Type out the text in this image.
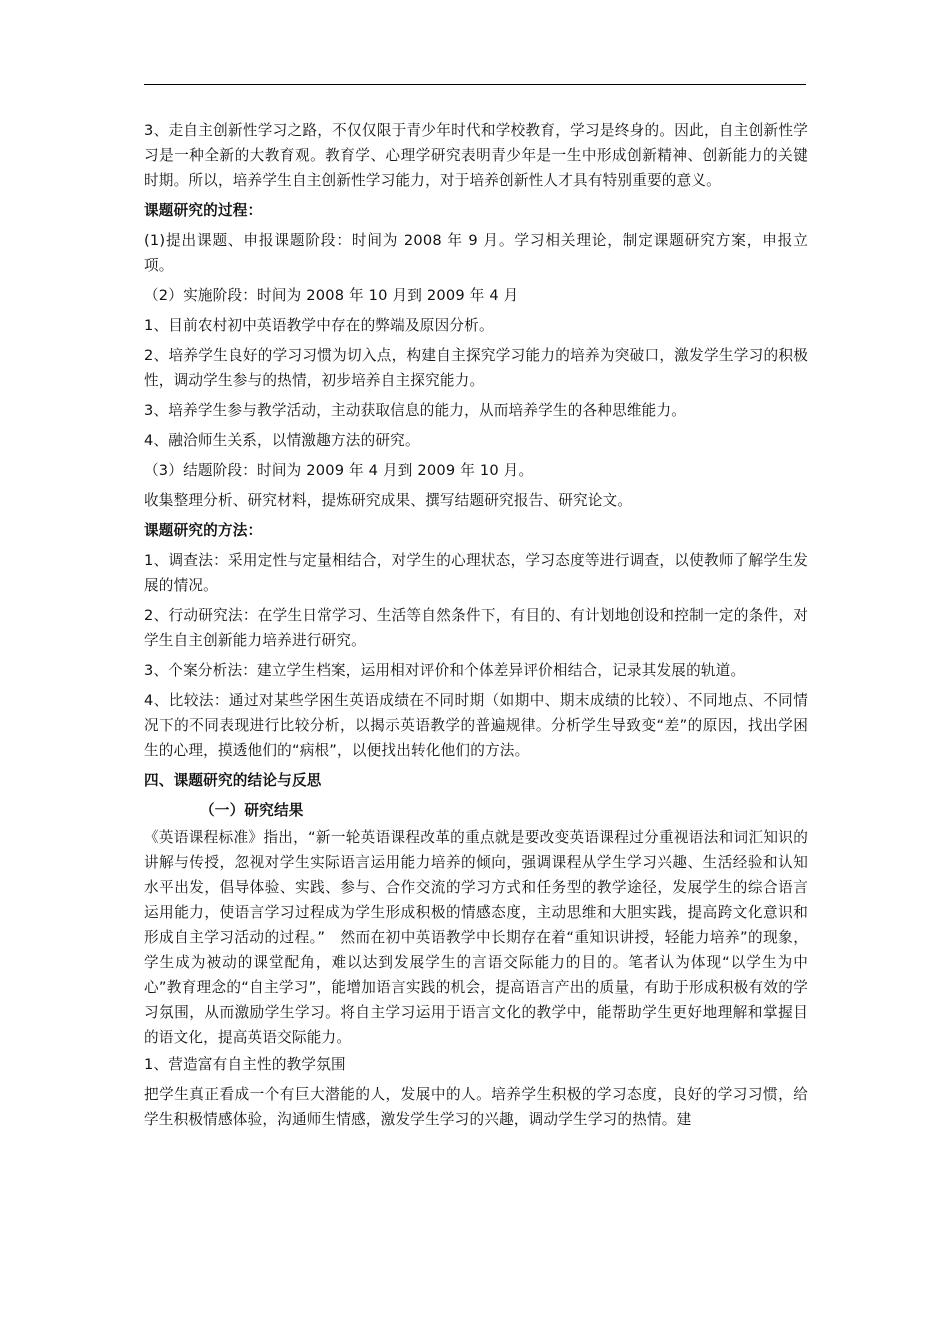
3、走自主创新性学习之路，不仅仅限于青少年时代和学校教育，学习是终身的。因此，自主创新性学习是一种全新的大教育观。教育学、心理学研究表明青少年是一生中形成创新精神、创新能力的关键时期。所以，培养学生自主创新性学习能力，对于培养创新性人才具有特别重要的意义。

课题研究的过程：

(1)提出课题、申报课题阶段：时间为 2008 年 9 月。学习相关理论，制定课题研究方案，申报立项。

（2）实施阶段：时间为 2008 年 10 月到 2009 年 4 月

1、目前农村初中英语教学中存在的弊端及原因分析。

2、培养学生良好的学习习惯为切入点，构建自主探究学习能力的培养为突破口，激发学生学习的积极性，调动学生参与的热情，初步培养自主探究能力。

3、培养学生参与教学活动，主动获取信息的能力，从而培养学生的各种思维能力。

4、融洽师生关系，以情激趣方法的研究。

（3）结题阶段：时间为 2009 年 4 月到 2009 年 10 月。

收集整理分析、研究材料，提炼研究成果、撰写结题研究报告、研究论文。

课题研究的方法：

1、调查法：采用定性与定量相结合，对学生的心理状态，学习态度等进行调查，以使教师了解学生发展的情况。

2、行动研究法：在学生日常学习、生活等自然条件下，有目的、有计划地创设和控制一定的条件，对学生自主创新能力培养进行研究。

3、个案分析法：建立学生档案，运用相对评价和个体差异评价相结合，记录其发展的轨道。

4、比较法：通过对某些学困生英语成绩在不同时期（如期中、期末成绩的比较）、不同地点、不同情况下的不同表现进行比较分析，以揭示英语教学的普遍规律。分析学生导致变“差”的原因，找出学困生的心理，摸透他们的“病根”，以便找出转化他们的方法。

四、课题研究的结论与反思

（一）研究结果

《英语课程标准》指出，“新一轮英语课程改革的重点就是要改变英语课程过分重视语法和词汇知识的讲解与传授，忽视对学生实际语言运用能力培养的倾向，强调课程从学生学习兴趣、生活经验和认知水平出发，倡导体验、实践、参与、合作交流的学习方式和任务型的教学途径，发展学生的综合语言运用能力，使语言学习过程成为学生形成积极的情感态度，主动思维和大胆实践，提高跨文化意识和形成自主学习活动的过程。”　然而在初中英语教学中长期存在着“重知识讲授，轻能力培养”的现象，学生成为被动的课堂配角，难以达到发展学生的言语交际能力的目的。笔者认为体现“以学生为中心”教育理念的“自主学习”，能增加语言实践的机会，提高语言产出的质量，有助于形成积极有效的学习氛围，从而激励学生学习。将自主学习运用于语言文化的教学中，能帮助学生更好地理解和掌握目的语文化，提高英语交际能力。

1、营造富有自主性的教学氛围

把学生真正看成一个有巨大潜能的人，发展中的人。培养学生积极的学习态度，良好的学习习惯，给学生积极情感体验，沟通师生情感，激发学生学习的兴趣，调动学生学习的热情。建
